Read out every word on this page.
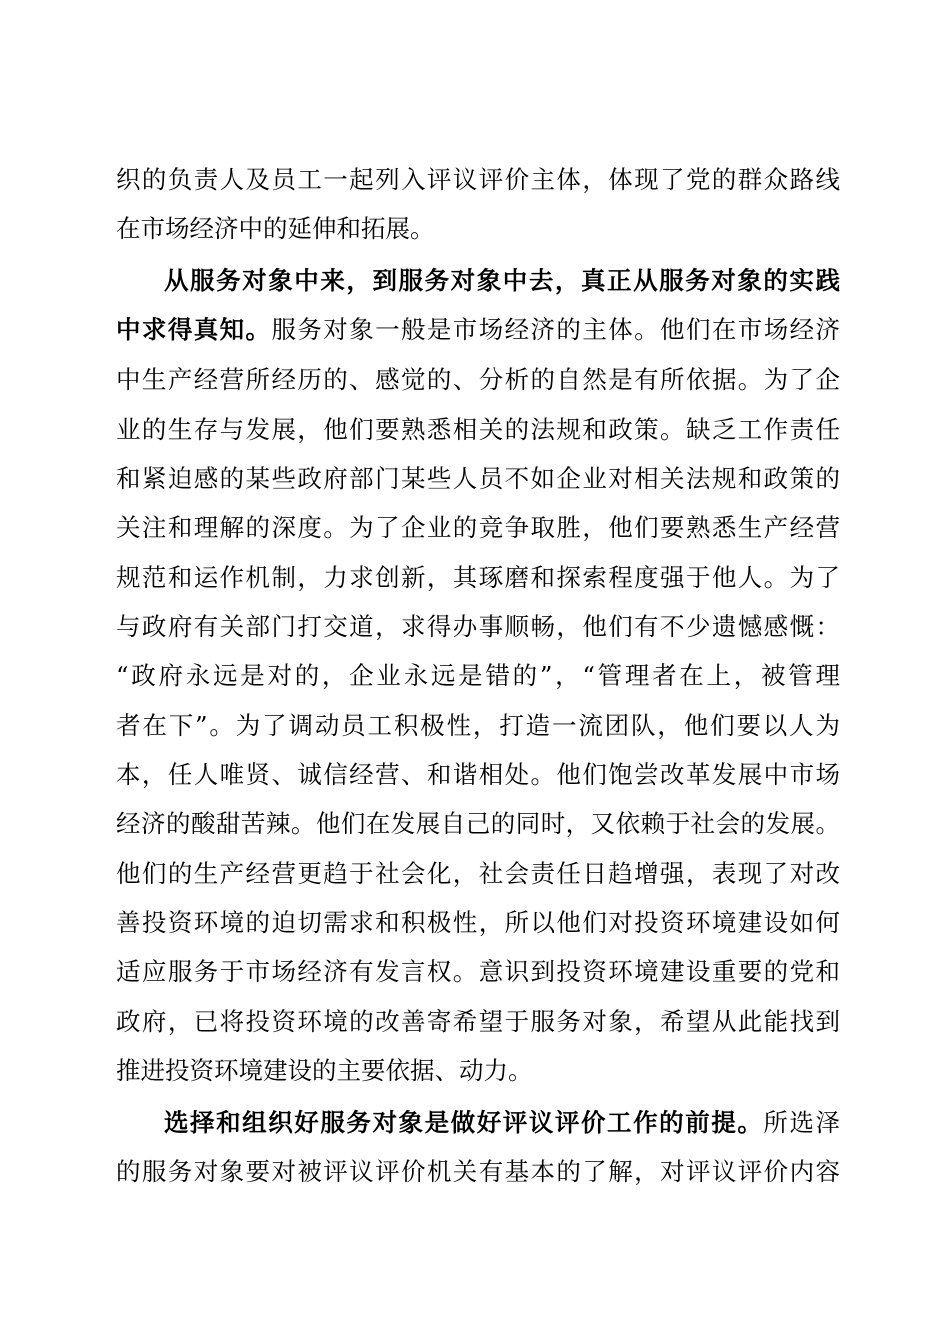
织的负责人及员工一起列入评议评价主体，体现了党的群众路线
在市场经济中的延伸和拓展。
从服务对象中来，到服务对象中去，真正从服务对象的实践
中求得真知。服务对象一般是市场经济的主体。他们在市场经济
中生产经营所经历的、感觉的、分析的自然是有所依据。为了企
业的生存与发展，他们要熟悉相关的法规和政策。缺乏工作责任
和紧迫感的某些政府部门某些人员不如企业对相关法规和政策的
关注和理解的深度。为了企业的竞争取胜，他们要熟悉生产经营
规范和运作机制，力求创新，其琢磨和探索程度强于他人。为了
与政府有关部门打交道，求得办事顺畅，他们有不少遗憾感慨：
“政府永远是对的，企业永远是错的”，“管理者在上，被管理
者在下”。为了调动员工积极性，打造一流团队，他们要以人为
本，任人唯贤、诚信经营、和谐相处。他们饱尝改革发展中市场
经济的酸甜苦辣。他们在发展自己的同时，又依赖于社会的发展。
他们的生产经营更趋于社会化，社会责任日趋增强，表现了对改
善投资环境的迫切需求和积极性，所以他们对投资环境建设如何
适应服务于市场经济有发言权。意识到投资环境建设重要的党和
政府，已将投资环境的改善寄希望于服务对象，希望从此能找到
推进投资环境建设的主要依据、动力。
选择和组织好服务对象是做好评议评价工作的前提。所选泽
的服务对象要对被评议评价机关有基本的了解，对评议评价内容
